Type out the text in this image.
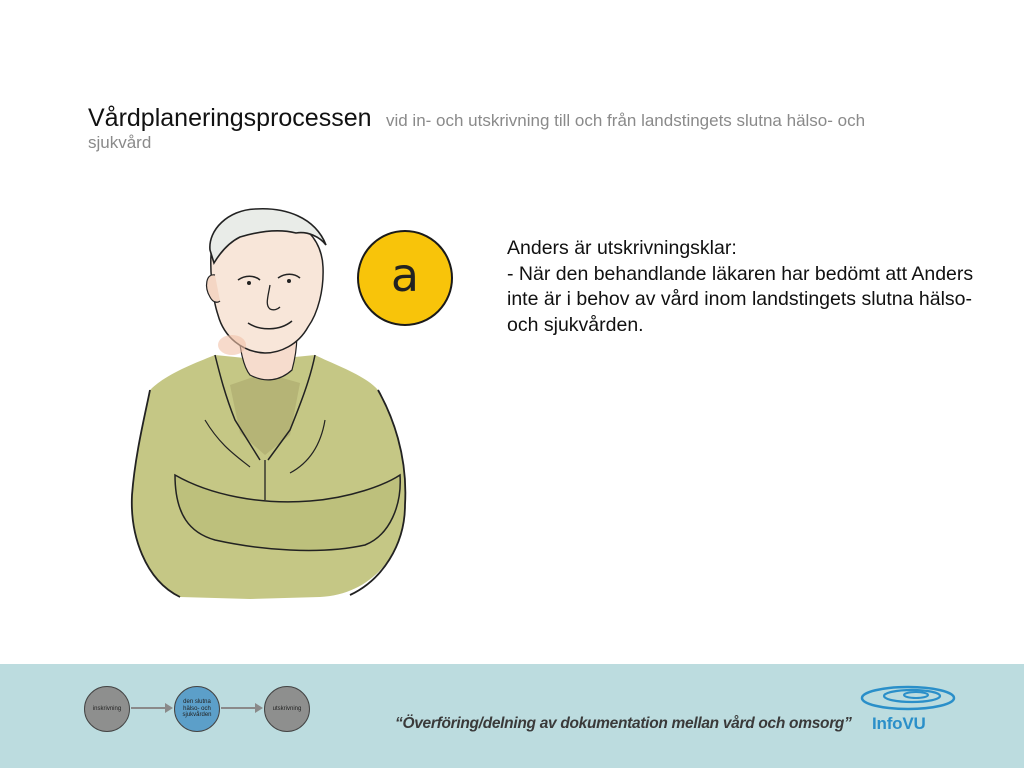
Vårdplaneringsprocessen vid in- och utskrivning till och från landstingets slutna hälso- och sjukvård
a	Anders är utskrivningsklar:
- När den behandlande läkaren har bedömt att Anders inte är i behov av vård inom landstingets slutna hälso- och sjukvården.
inskrivning
den slutna hälso- och sjukvården
utskrivning
“Överföring/delning av dokumentation mellan vård och omsorg” InfoVU
